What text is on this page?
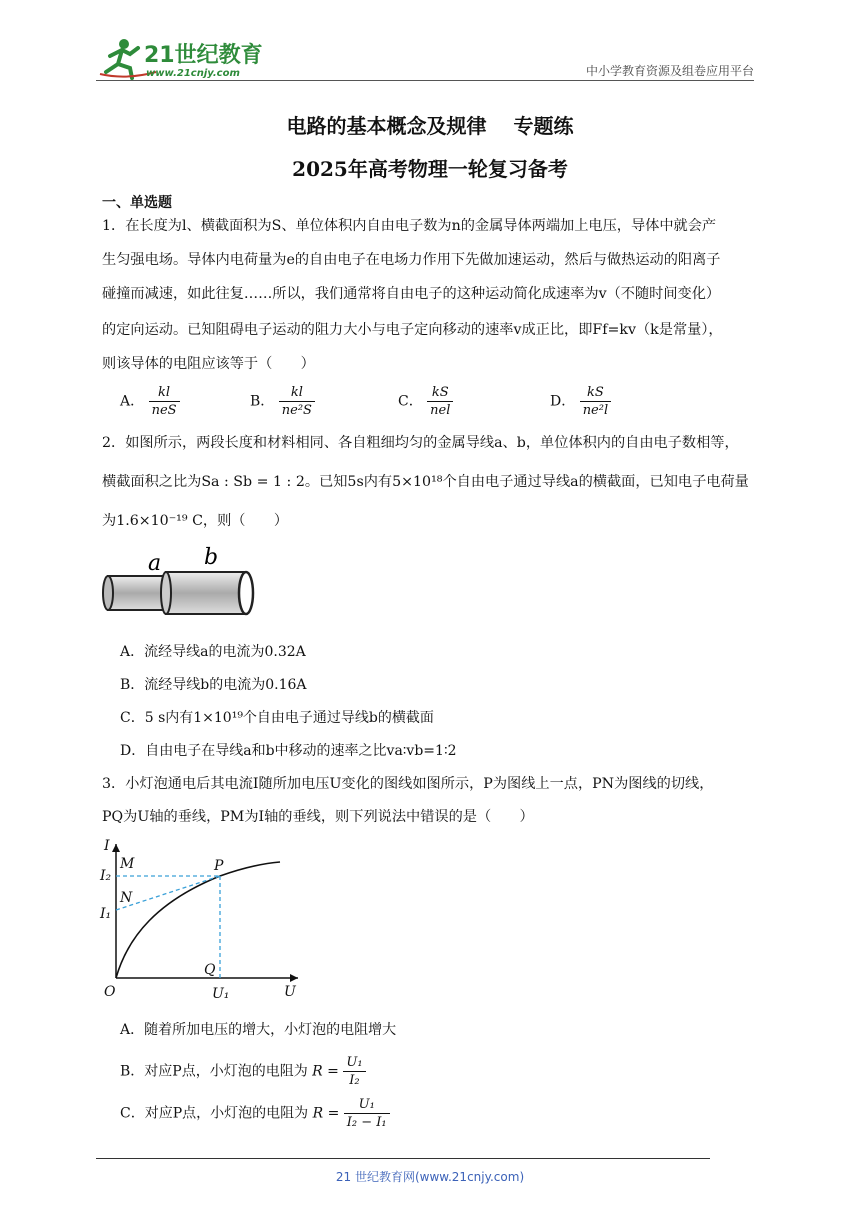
21世纪教育
www.21cnjy.com	中小学教育资源及组卷应用平台
电路的基本概念及规律　 专题练
2025年高考物理一轮复习备考
一、单选题
1．在长度为l、横截面积为S、单位体积内自由电子数为n的金属导体两端加上电压，导体中就会产
生匀强电场。导体内电荷量为e的自由电子在电场力作用下先做加速运动，然后与做热运动的阳离子
碰撞而减速，如此往复……所以，我们通常将自由电子的这种运动简化成速率为v（不随时间变化）
的定向运动。已知阻碍电子运动的阻力大小与电子定向移动的速率v成正比，即Ff=kv（k是常量），
则该导体的电阻应该等于（　　）
A． $\frac{kl}{\text{neS}}$	B． $\frac{kl}{\text{ne²S}}$	C． $\frac{kS}{\text{nel}}$	D． $\frac{kS}{\text{ne²l}}$
2．如图所示，两段长度和材料相同、各自粗细均匀的金属导线a、b，单位体积内的自由电子数相等，
横截面积之比为Sa : Sb = 1 : 2。已知5s内有5×10¹⁸个自由电子通过导线a的横截面，已知电子电荷量
为1.6×10⁻¹⁹ C，则（　　）
a b
A．流经导线a的电流为0.32A
B．流经导线b的电流为0.16A
C．5 s内有1×10¹⁹个自由电子通过导线b的横截面
D．自由电子在导线a和b中移动的速率之比va∶vb=1∶2
3．小灯泡通电后其电流I随所加电压U变化的图线如图所示，P为图线上一点，PN为图线的切线，
PQ为U轴的垂线，PM为I轴的垂线，则下列说法中错误的是（　　）
I
I₂
I₁
M
N
P
Q
O	U₁	U
A．随着所加电压的增大，小灯泡的电阻增大
B．对应P点，小灯泡的电阻为 $R = \frac{\text{U₁}}{\text{I₂}}$
C．对应P点，小灯泡的电阻为 $R = \frac{\text{U₁}}{\text{I₂ − I₁}}$
21 世纪教育网(www.21cnjy.com)
